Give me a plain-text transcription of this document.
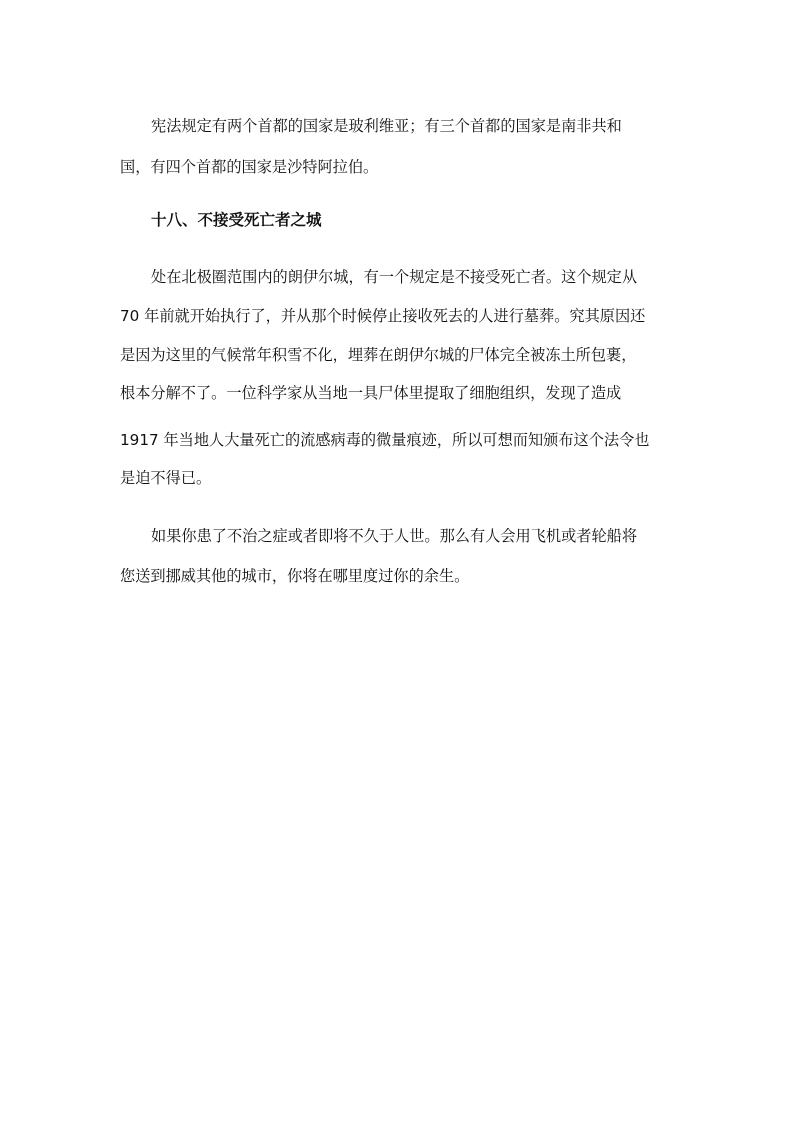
宪法规定有两个首都的国家是玻利维亚；有三个首都的国家是南非共和
国，有四个首都的国家是沙特阿拉伯。
十八、不接受死亡者之城
处在北极圈范围内的朗伊尔城，有一个规定是不接受死亡者。这个规定从
70 年前就开始执行了，并从那个时候停止接收死去的人进行墓葬。究其原因还
是因为这里的气候常年积雪不化，埋葬在朗伊尔城的尸体完全被冻土所包裹，
根本分解不了。一位科学家从当地一具尸体里提取了细胞组织，发现了造成
1917 年当地人大量死亡的流感病毒的微量痕迹，所以可想而知颁布这个法令也
是迫不得已。
如果你患了不治之症或者即将不久于人世。那么有人会用飞机或者轮船将
您送到挪威其他的城市，你将在哪里度过你的余生。
